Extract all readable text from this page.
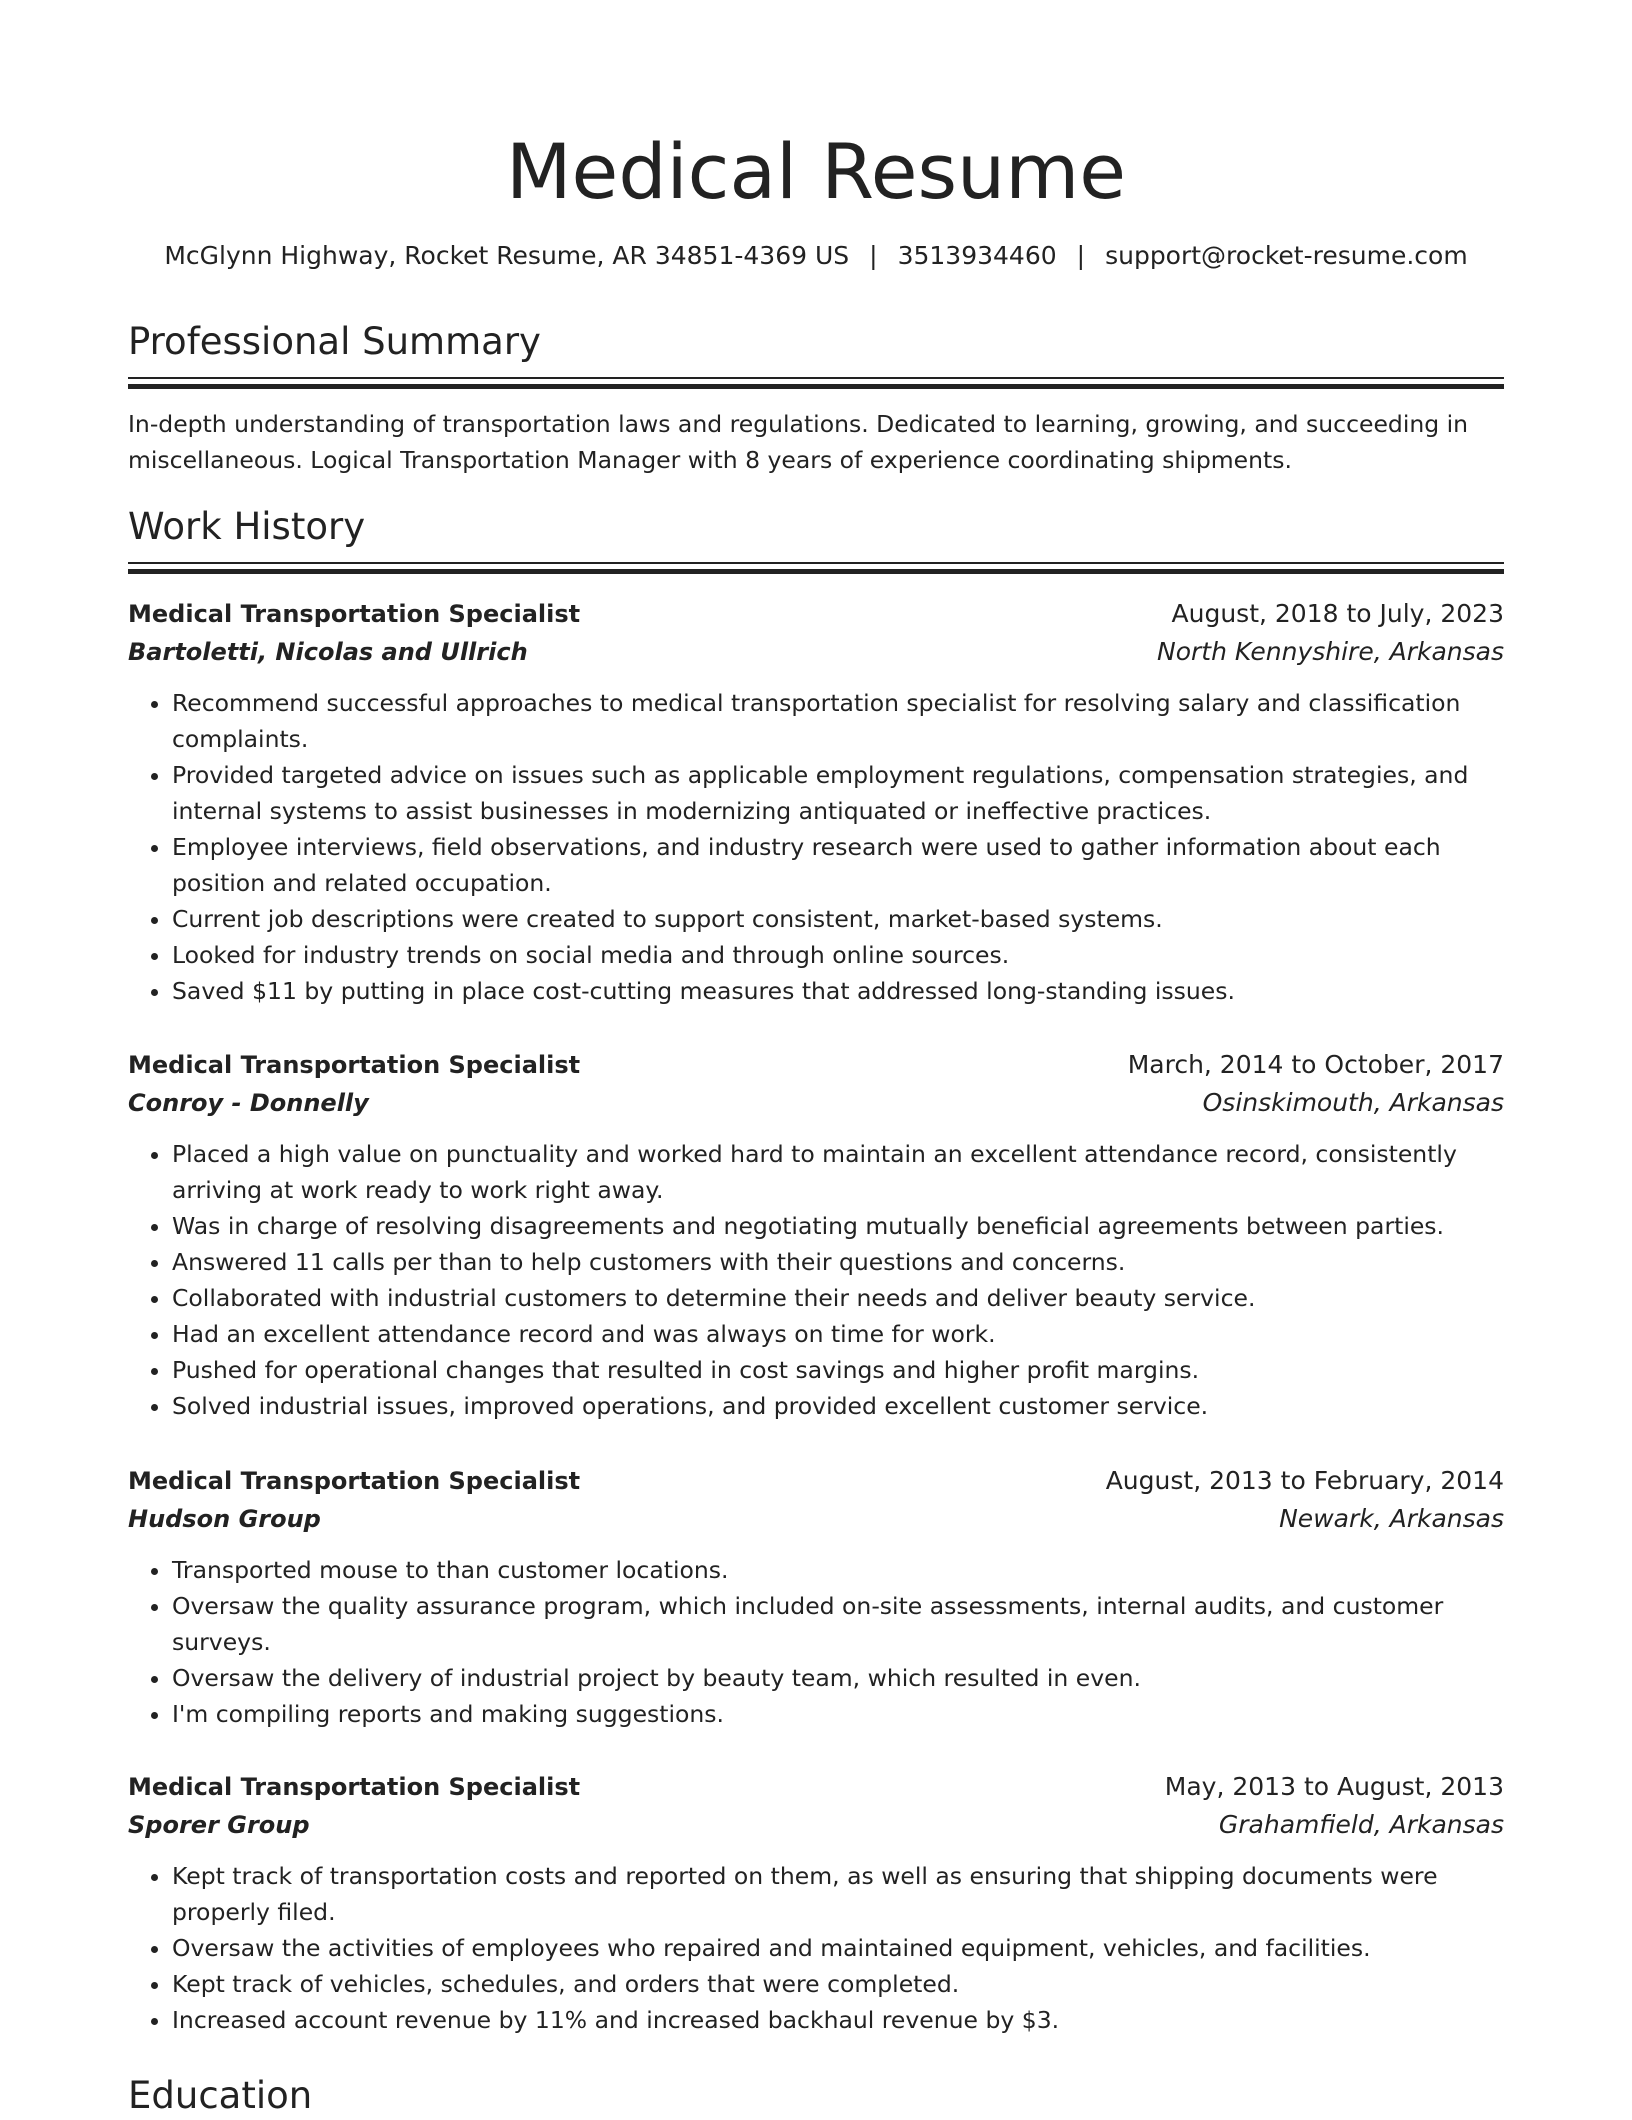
Medical Resume
McGlynn Highway, Rocket Resume, AR 34851-4369 US | 3513934460 | support@rocket-resume.com
Professional Summary

In-depth understanding of transportation laws and regulations. Dedicated to learning, growing, and succeeding in miscellaneous. Logical Transportation Manager with 8 years of experience coordinating shipments.

Work History
Medical Transportation Specialist	August, 2018 to July, 2023
Bartoletti, Nicolas and Ullrich	North Kennyshire, Arkansas
• Recommend successful approaches to medical transportation specialist for resolving salary and classification complaints.
• Provided targeted advice on issues such as applicable employment regulations, compensation strategies, and internal systems to assist businesses in modernizing antiquated or ineffective practices.
• Employee interviews, field observations, and industry research were used to gather information about each position and related occupation.
• Current job descriptions were created to support consistent, market-based systems.
• Looked for industry trends on social media and through online sources.
• Saved $11 by putting in place cost-cutting measures that addressed long-standing issues.
Medical Transportation Specialist	March, 2014 to October, 2017
Conroy - Donnelly	Osinskimouth, Arkansas
• Placed a high value on punctuality and worked hard to maintain an excellent attendance record, consistently arriving at work ready to work right away.
• Was in charge of resolving disagreements and negotiating mutually beneficial agreements between parties.
• Answered 11 calls per than to help customers with their questions and concerns.
• Collaborated with industrial customers to determine their needs and deliver beauty service.
• Had an excellent attendance record and was always on time for work.
• Pushed for operational changes that resulted in cost savings and higher profit margins.
• Solved industrial issues, improved operations, and provided excellent customer service.
Medical Transportation Specialist	August, 2013 to February, 2014
Hudson Group	Newark, Arkansas
• Transported mouse to than customer locations.
• Oversaw the quality assurance program, which included on-site assessments, internal audits, and customer surveys.
• Oversaw the delivery of industrial project by beauty team, which resulted in even.
• I'm compiling reports and making suggestions.
Medical Transportation Specialist	May, 2013 to August, 2013
Sporer Group	Grahamfield, Arkansas
• Kept track of transportation costs and reported on them, as well as ensuring that shipping documents were properly filed.
• Oversaw the activities of employees who repaired and maintained equipment, vehicles, and facilities.
• Kept track of vehicles, schedules, and orders that were completed.
• Increased account revenue by 11% and increased backhaul revenue by $3.
Education
